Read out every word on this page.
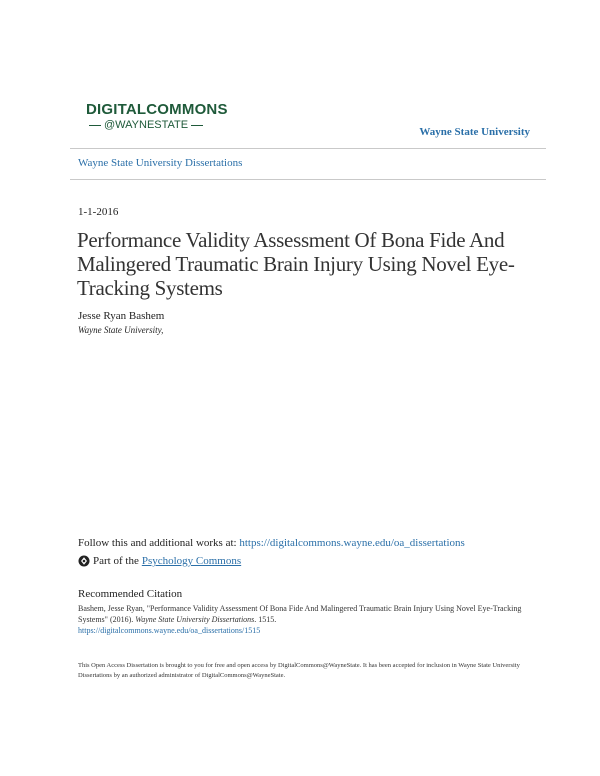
DIGITALCOMMONS
@WAYNESTATE
Wayne State University
Wayne State University Dissertations
1-1-2016
Performance Validity Assessment Of Bona Fide And Malingered Traumatic Brain Injury Using Novel Eye-Tracking Systems
Jesse Ryan Bashem
Wayne State University,
Follow this and additional works at: https://digitalcommons.wayne.edu/oa_dissertations
Part of the Psychology Commons
Recommended Citation
Bashem, Jesse Ryan, "Performance Validity Assessment Of Bona Fide And Malingered Traumatic Brain Injury Using Novel Eye-Tracking Systems" (2016). Wayne State University Dissertations. 1515.
https://digitalcommons.wayne.edu/oa_dissertations/1515
This Open Access Dissertation is brought to you for free and open access by DigitalCommons@WayneState. It has been accepted for inclusion in Wayne State University Dissertations by an authorized administrator of DigitalCommons@WayneState.
